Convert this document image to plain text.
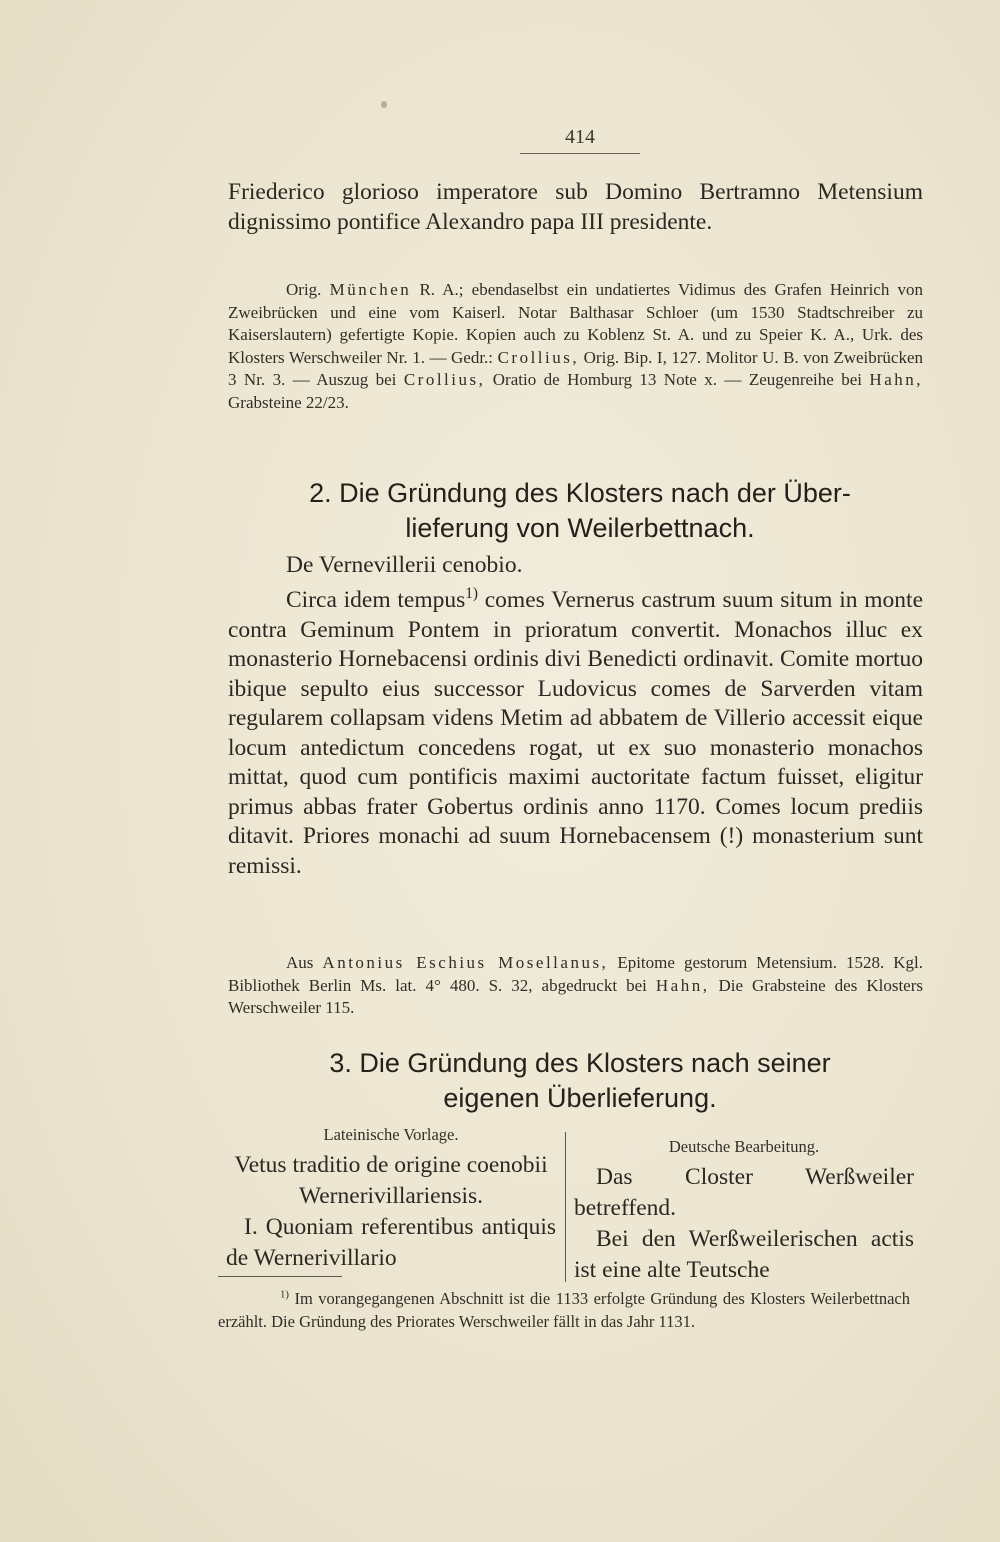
414

Friederico glorioso imperatore sub Domino Bertramno Metensium dignissimo pontifice Alexandro papa III presidente.

Orig. München R. A.; ebendaselbst ein undatiertes Vidimus des Grafen Heinrich von Zweibrücken und eine vom Kaiserl. Notar Balthasar Schloer (um 1530 Stadtschreiber zu Kaiserslautern) gefertigte Kopie. Kopien auch zu Koblenz St. A. und zu Speier K. A., Urk. des Klosters Werschweiler Nr. 1. — Gedr.: Crollius, Orig. Bip. I, 127. Molitor U. B. von Zweibrücken 3 Nr. 3. — Auszug bei Crollius, Oratio de Homburg 13 Note x. — Zeugenreihe bei Hahn, Grabsteine 22/23.

2. Die Gründung des Klosters nach der Über-
lieferung von Weilerbettnach.

De Vernevillerii cenobio.

Circa idem tempus$^{1)}$ comes Vernerus castrum suum situm in monte contra Geminum Pontem in prioratum convertit. Monachos illuc ex monasterio Hornebacensi ordinis divi Benedicti ordinavit. Comite mortuo ibique sepulto eius successor Ludovicus comes de Sarverden vitam regularem collapsam videns Metim ad abbatem de Villerio accessit eique locum antedictum concedens rogat, ut ex suo monasterio monachos mittat, quod cum pontificis maximi auctoritate factum fuisset, eligitur primus abbas frater Gobertus ordinis anno 1170. Comes locum prediis ditavit. Priores monachi ad suum Hornebacensem (!) monasterium sunt remissi.

Aus Antonius Eschius Mosellanus, Epitome gestorum Metensium. 1528. Kgl. Bibliothek Berlin Ms. lat. 4° 480. S. 32, abgedruckt bei Hahn, Die Grabsteine des Klosters Werschweiler 115.

3. Die Gründung des Klosters nach seiner
eigenen Überlieferung.

Lateinische Vorlage.

Vetus traditio de origine coenobii Wernerivillariensis.

I. Quoniam referentibus antiquis de Wernerivillario

Deutsche Bearbeitung.

Das Closter Werßweiler betreffend.

Bei den Werßweilerischen actis ist eine alte Teutsche

$^{1)}$ Im vorangegangenen Abschnitt ist die 1133 erfolgte Gründung des Klosters Weilerbettnach erzählt. Die Gründung des Priorates Werschweiler fällt in das Jahr 1131.
